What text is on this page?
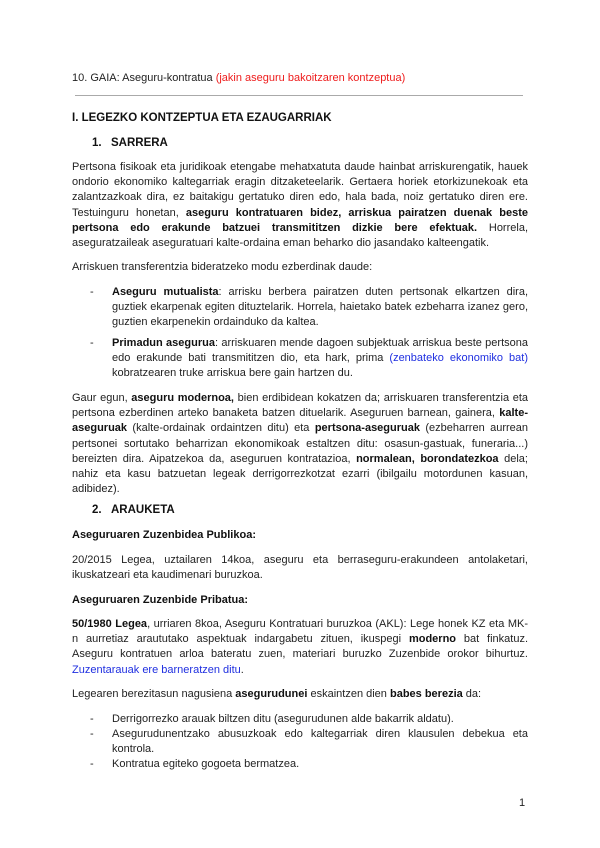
10. GAIA: Aseguru-kontratua (jakin aseguru bakoitzaren kontzeptua)
I. LEGEZKO KONTZEPTUA ETA EZAUGARRIAK
1. SARRERA
Pertsona fisikoak eta juridikoak etengabe mehatxatuta daude hainbat arriskurengatik, hauek ondorio ekonomiko kaltegarriak eragin ditzaketeelarik. Gertaera horiek etorkizunekoak eta zalantzazkoak dira, ez baitakigu gertatuko diren edo, hala bada, noiz gertatuko diren ere. Testuinguru honetan, aseguru kontratuaren bidez, arriskua pairatzen duenak beste pertsona edo erakunde batzuei transmititzen dizkie bere efektuak. Horrela, aseguratzaileak aseguratuari kalte-ordaina eman beharko dio jasandako kalteengatik.
Arriskuen transferentzia bideratzeko modu ezberdinak daude:
- Aseguru mutualista: arrisku berbera pairatzen duten pertsonak elkartzen dira, guztiek ekarpenak egiten dituztelarik. Horrela, haietako batek ezbeharra izanez gero, guztien ekarpenekin ordainduko da kaltea.
- Primadun asegurua: arriskuaren mende dagoen subjektuak arriskua beste pertsona edo erakunde bati transmititzen dio, eta hark, prima (zenbateko ekonomiko bat) kobratzearen truke arriskua bere gain hartzen du.
Gaur egun, aseguru modernoa, bien erdibidean kokatzen da; arriskuaren transferentzia eta pertsona ezberdinen arteko banaketa batzen dituelarik. Aseguruen barnean, gainera, kalte-aseguruak (kalte-ordainak ordaintzen ditu) eta pertsona-aseguruak (ezbeharren aurrean pertsonei sortutako beharrizan ekonomikoak estaltzen ditu: osasun-gastuak, funeraria...) bereizten dira. Aipatzekoa da, aseguruen kontratazioa, normalean, borondatezkoa dela; nahiz eta kasu batzuetan legeak derrigorrezkotzat ezarri (ibilgailu motordunen kasuan, adibidez).
2. ARAUKETA
Aseguruaren Zuzenbidea Publikoa:
20/2015 Legea, uztailaren 14koa, aseguru eta berraseguru-erakundeen antolaketari, ikuskatzeari eta kaudimenari buruzkoa.
Aseguruaren Zuzenbide Pribatua:
50/1980 Legea, urriaren 8koa, Aseguru Kontratuari buruzkoa (AKL): Lege honek KZ eta MK-n aurretiaz araututako aspektuak indargabetu zituen, ikuspegi moderno bat finkatuz. Aseguru kontratuen arloa bateratu zuen, materiari buruzko Zuzenbide orokor bihurtuz. Zuzentarauak ere barneratzen ditu.
Legearen berezitasun nagusiena asegurudunei eskaintzen dien babes berezia da:
- Derrigorrezko arauak biltzen ditu (asegurudunen alde bakarrik aldatu).
- Asegurudunentzako abusuzkoak edo kaltegarriak diren klausulen debekua eta kontrola.
- Kontratua egiteko gogoeta bermatzea.
1
